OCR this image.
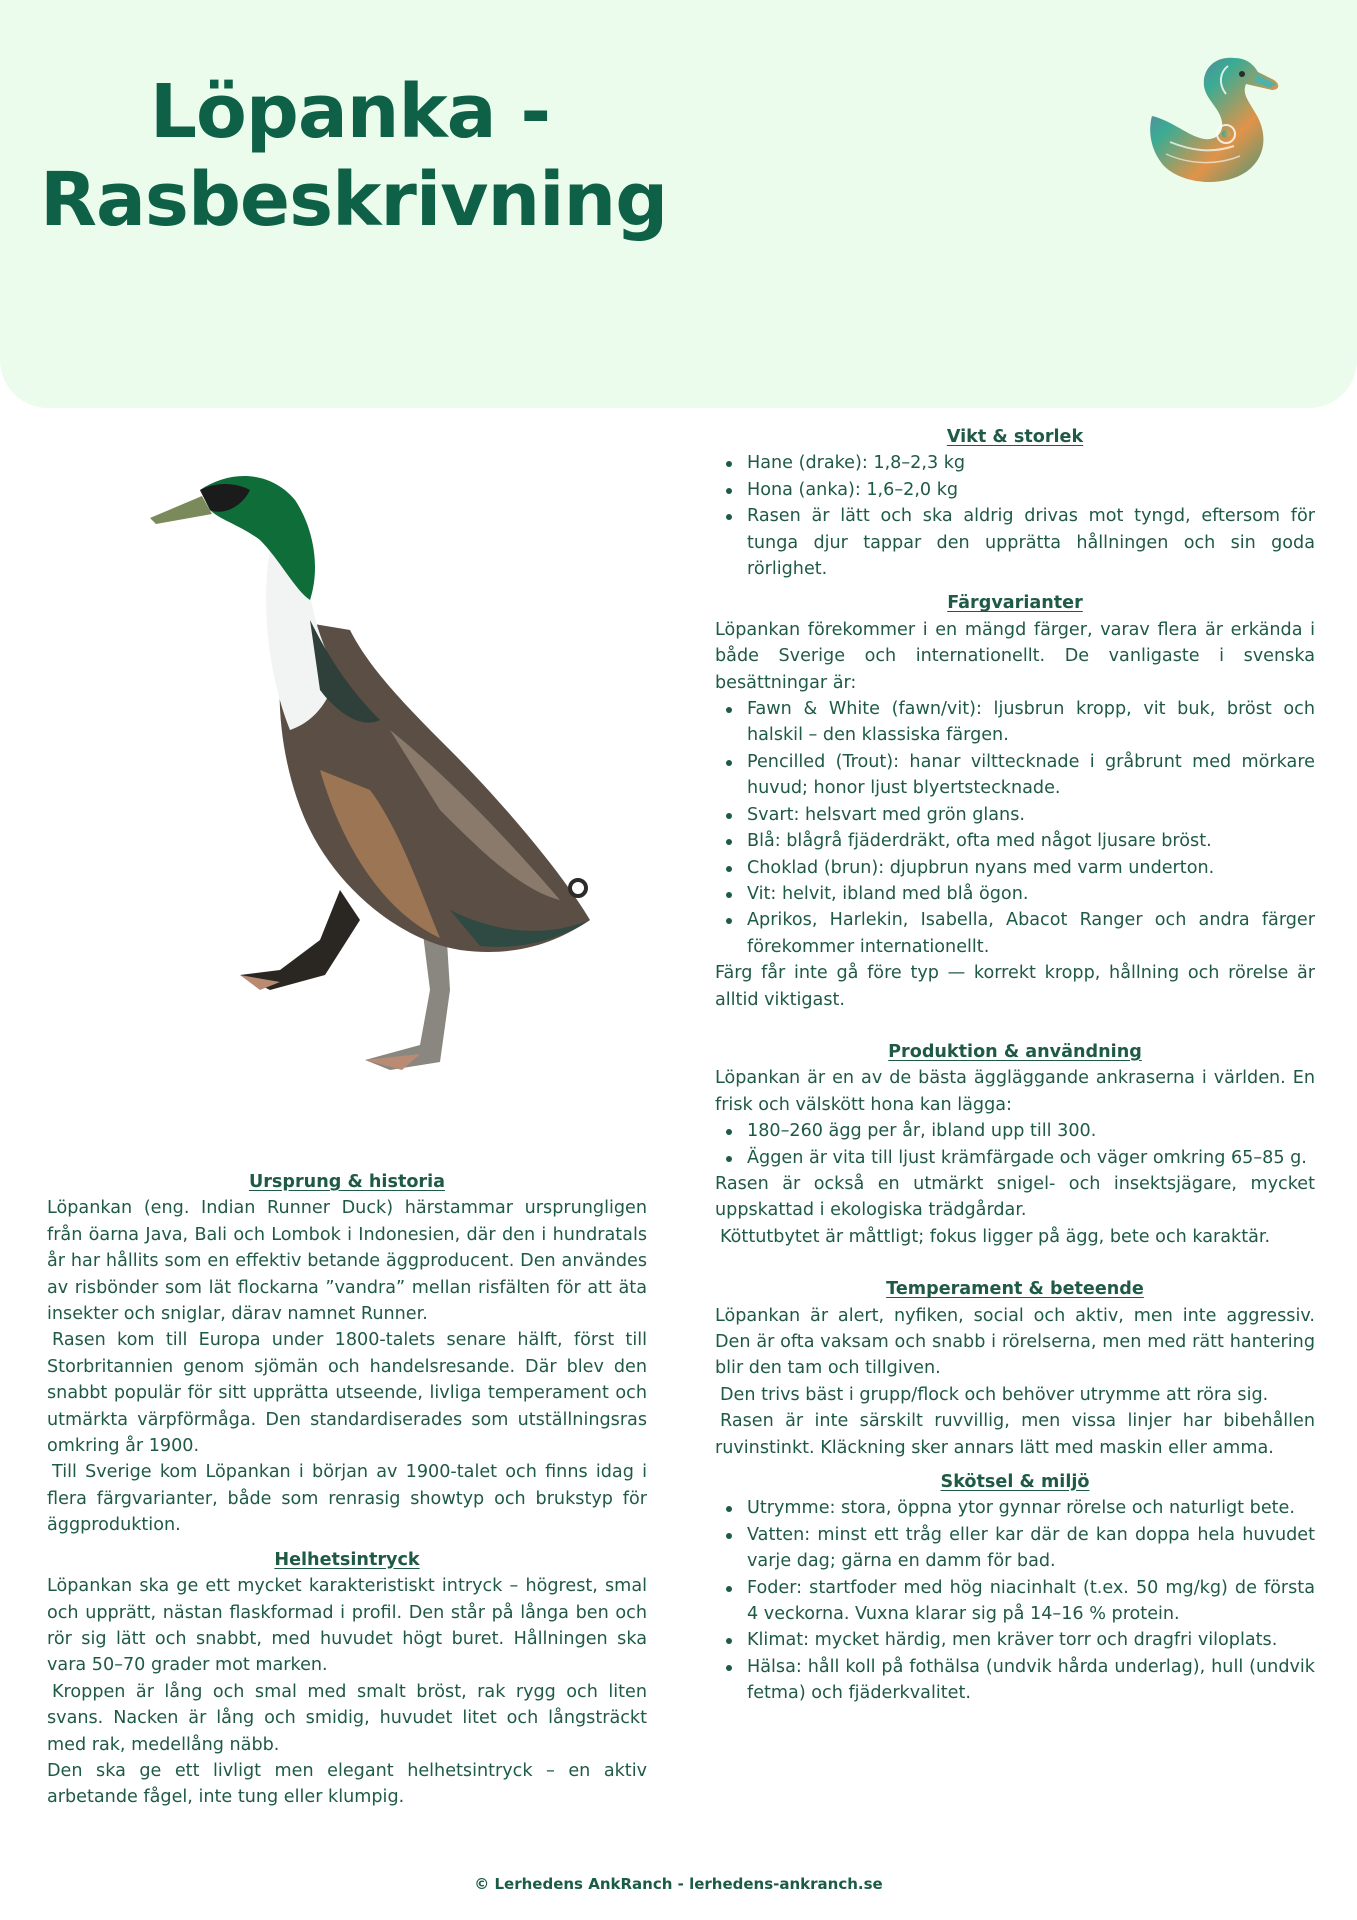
Löpanka -
Rasbeskrivning
Ursprung & historia

Löpankan (eng. Indian Runner Duck) härstammar ursprungligen från öarna Java, Bali och Lombok i Indonesien, där den i hundratals år har hållits som en effektiv betande äggproducent. Den användes av risbönder som lät flockarna ”vandra” mellan risfälten för att äta insekter och sniglar, därav namnet Runner.

Rasen kom till Europa under 1800-talets senare hälft, först till Storbritannien genom sjömän och handelsresande. Där blev den snabbt populär för sitt upprätta utseende, livliga temperament och utmärkta värpförmåga. Den standardiserades som utställningsras omkring år 1900.

Till Sverige kom Löpankan i början av 1900-talet och finns idag i flera färgvarianter, både som renrasig showtyp och brukstyp för äggproduktion.

Helhetsintryck

Löpankan ska ge ett mycket karakteristiskt intryck – högrest, smal och upprätt, nästan flaskformad i profil. Den står på långa ben och rör sig lätt och snabbt, med huvudet högt buret. Hållningen ska vara 50–70 grader mot marken.

Kroppen är lång och smal med smalt bröst, rak rygg och liten svans. Nacken är lång och smidig, huvudet litet och långsträckt med rak, medellång näbb.

Den ska ge ett livligt men elegant helhetsintryck – en aktiv arbetande fågel, inte tung eller klumpig.

Vikt & storlek
Hane (drake): 1,8–2,3 kg
Hona (anka): 1,6–2,0 kg
Rasen är lätt och ska aldrig drivas mot tyngd, eftersom för tunga djur tappar den upprätta hållningen och sin goda rörlighet.
Färgvarianter

Löpankan förekommer i en mängd färger, varav flera är erkända i både Sverige och internationellt. De vanligaste i svenska besättningar är:

Fawn & White (fawn/vit): ljusbrun kropp, vit buk, bröst och halskil – den klassiska färgen.
Pencilled (Trout): hanar vilttecknade i gråbrunt med mörkare huvud; honor ljust blyertstecknade.
Svart: helsvart med grön glans.
Blå: blågrå fjäderdräkt, ofta med något ljusare bröst.
Choklad (brun): djupbrun nyans med varm underton.
Vit: helvit, ibland med blå ögon.
Aprikos, Harlekin, Isabella, Abacot Ranger och andra färger förekommer internationellt.

Färg får inte gå före typ — korrekt kropp, hållning och rörelse är alltid viktigast.

Produktion & användning

Löpankan är en av de bästa äggläggande ankraserna i världen. En frisk och välskött hona kan lägga:

180–260 ägg per år, ibland upp till 300.
Äggen är vita till ljust krämfärgade och väger omkring 65–85 g.

Rasen är också en utmärkt snigel- och insektsjägare, mycket uppskattad i ekologiska trädgårdar.

Köttutbytet är måttligt; fokus ligger på ägg, bete och karaktär.

Temperament & beteende

Löpankan är alert, nyfiken, social och aktiv, men inte aggressiv. Den är ofta vaksam och snabb i rörelserna, men med rätt hantering blir den tam och tillgiven.

Den trivs bäst i grupp/flock och behöver utrymme att röra sig.

Rasen är inte särskilt ruvvillig, men vissa linjer har bibehållen ruvinstinkt. Kläckning sker annars lätt med maskin eller amma.

Skötsel & miljö
Utrymme: stora, öppna ytor gynnar rörelse och naturligt bete.
Vatten: minst ett tråg eller kar där de kan doppa hela huvudet varje dag; gärna en damm för bad.
Foder: startfoder med hög niacinhalt (t.ex. 50 mg/kg) de första 4 veckorna. Vuxna klarar sig på 14–16 % protein.
Klimat: mycket härdig, men kräver torr och dragfri viloplats.
Hälsa: håll koll på fothälsa (undvik hårda underlag), hull (undvik fetma) och fjäderkvalitet.
© Lerhedens AnkRanch - lerhedens-ankranch.se
